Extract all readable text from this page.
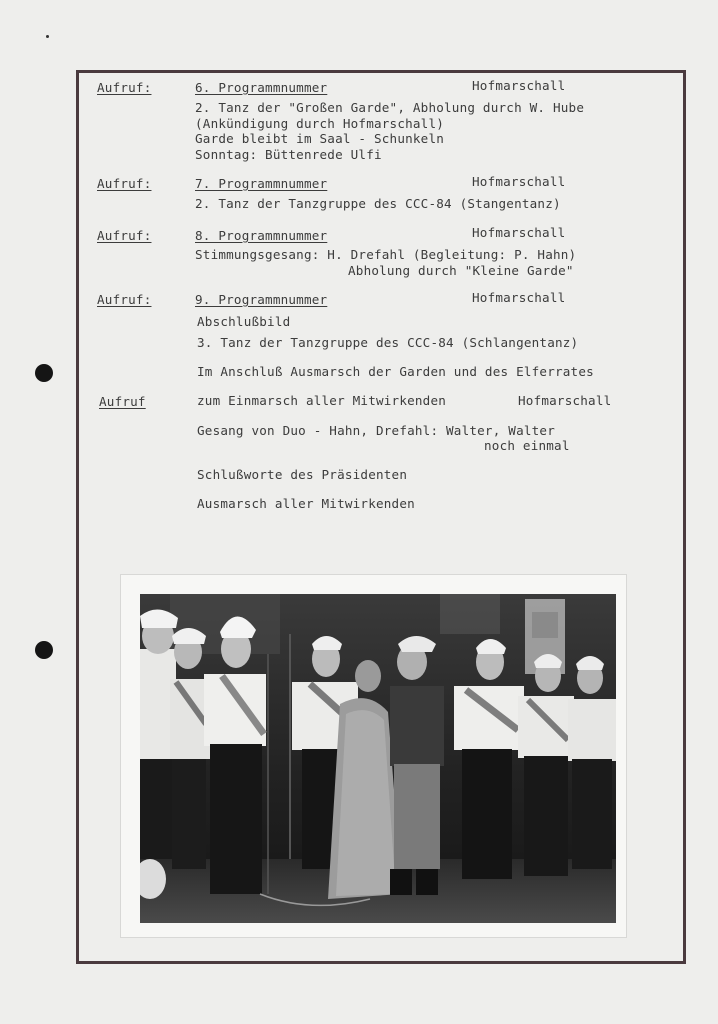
Aufruf:	6. Programmnummer	Hofmarschall
2. Tanz der "Großen Garde", Abholung durch W. Hube
(Ankündigung durch Hofmarschall)
Garde bleibt im Saal - Schunkeln
Sonntag: Büttenrede Ulfi
Aufruf:	7. Programmnummer	Hofmarschall
2. Tanz der Tanzgruppe des CCC-84 (Stangentanz)
Aufruf:	8. Programmnummer	Hofmarschall
Stimmungsgesang: H. Drefahl (Begleitung: P. Hahn)
Abholung durch "Kleine Garde"
Aufruf:	9. Programmnummer	Hofmarschall
Abschlußbild
3. Tanz der Tanzgruppe des CCC-84 (Schlangentanz)
Im Anschluß Ausmarsch der Garden und des Elferrates
Aufruf	zum Einmarsch aller Mitwirkenden	Hofmarschall
Gesang von Duo - Hahn, Drefahl: Walter, Walter
noch einmal
Schlußworte des Präsidenten
Ausmarsch aller Mitwirkenden
